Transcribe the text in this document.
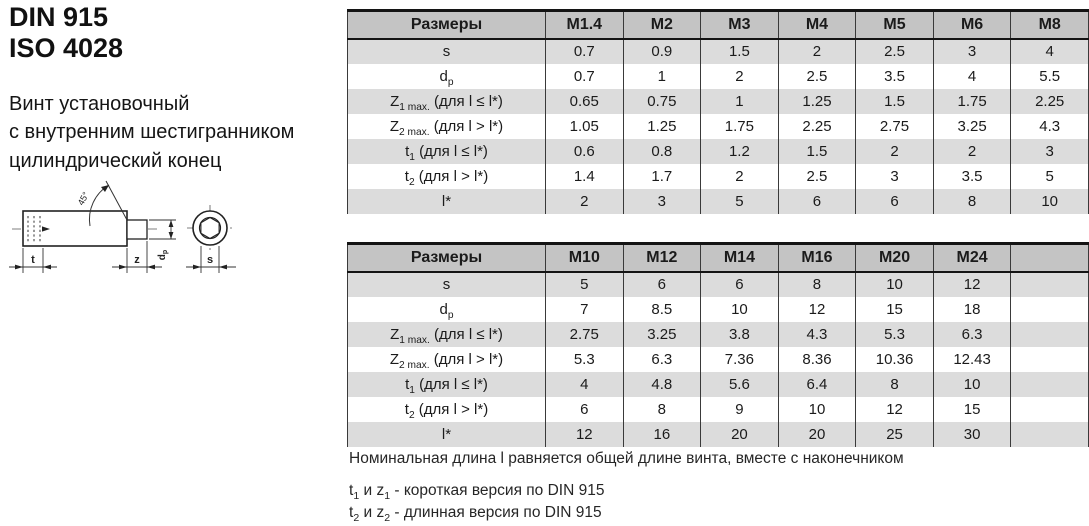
DIN 915
ISO 4028
Винт установочный
с внутренним шестигранником
цилиндрический конец
45°
t	z $d_p$
s
Размеры	M1.4	M2	M3	M4	M5	M6	M8
s	0.7	0.9	1.5	2	2.5	3	4
$d_p$	0.7	1	2	2.5	3.5	4	5.5
$Z_{1 max.}$ (для l ≤ l*)	0.65	0.75	1	1.25	1.5	1.75	2.25
$Z_{2 max.}$ (для l > l*)	1.05	1.25	1.75	2.25	2.75	3.25	4.3
$t_1$ (для l ≤ l*)	0.6	0.8	1.2	1.5	2	2	3
$t_2$ (для l > l*)	1.4	1.7	2	2.5	3	3.5	5
l*	2	3	5	6	6	8	10
Размеры	M10	M12	M14	M16	M20	M24	
s	5	6	6	8	10	12	
$d_p$	7	8.5	10	12	15	18	
$Z_{1 max.}$ (для l ≤ l*)	2.75	3.25	3.8	4.3	5.3	6.3	
$Z_{2 max.}$ (для l > l*)	5.3	6.3	7.36	8.36	10.36	12.43	
$t_1$ (для l ≤ l*)	4	4.8	5.6	6.4	8	10	
$t_2$ (для l > l*)	6	8	9	10	12	15	
l*	12	16	20	20	25	30	
Номинальная длина l равняется общей длине винта, вместе с наконечником
$t_1$ и $z_1$ - короткая версия по DIN 915
$t_2$ и $z_2$ - длинная версия по DIN 915
